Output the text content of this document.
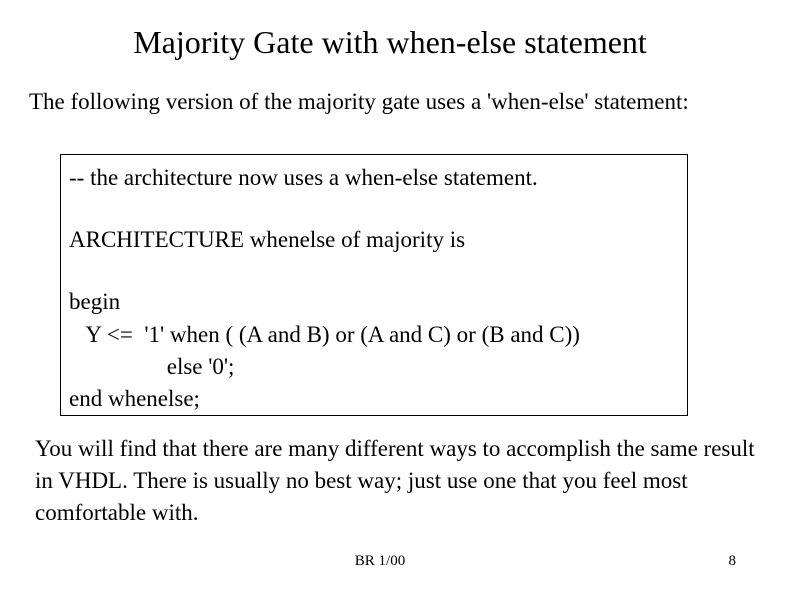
Majority Gate with when-else statement
The following version of the majority gate uses a 'when-else' statement:
-- the architecture now uses a when-else statement.
ARCHITECTURE whenelse of majority is
begin
Y <=  '1' when ( (A and B) or (A and C) or (B and C))
else '0';
end whenelse;
You will find that there are many different ways to accomplish the same result in VHDL. There is usually no best way; just use one that you feel most comfortable with.
BR 1/00	8
